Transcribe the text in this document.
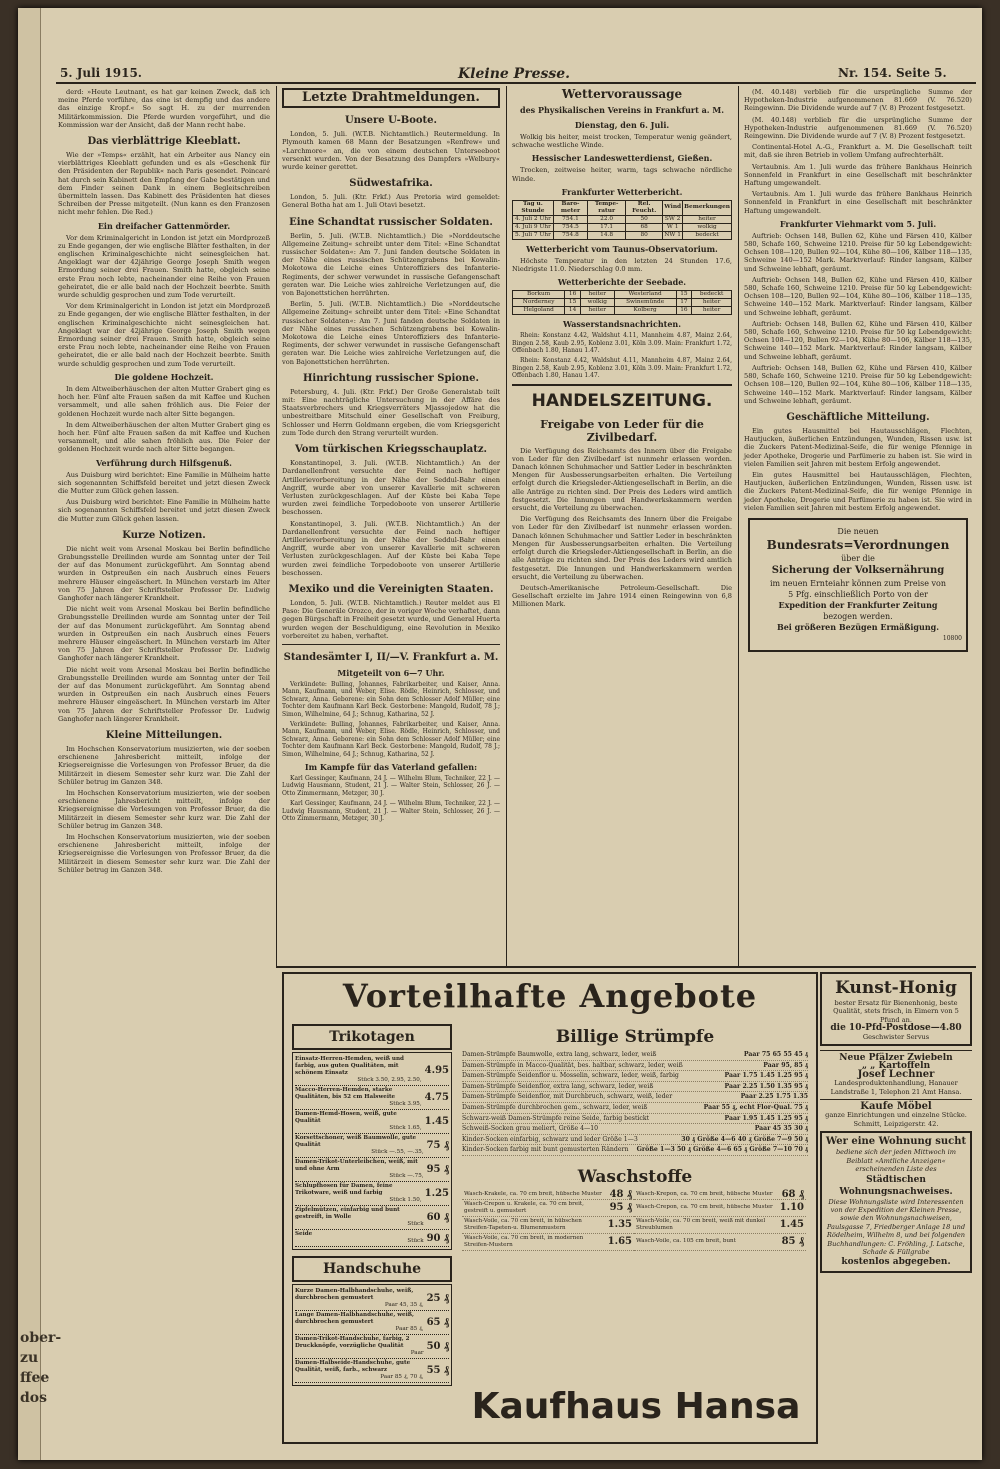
ober-
zu
ffee
dos
5. Juli 1915.	Kleine Presse.	Nr. 154. Seite 5.

derd: »Heute Leutnant, es hat gar keinen Zweck, daß ich meine Pferde vorführe, das eine ist dempfig und das andere das einzige Kropf.« So sagt H. zu der murrenden Militärkommission. Die Pferde wurden vorgeführt, und die Kommission war der Ansicht, daß der Mann recht habe.

Das vierblättrige Kleeblatt.

Wie der »Temps« erzählt, hat ein Arbeiter aus Nancy ein vierblättriges Kleeblatt gefunden und es als »Geschenk für den Präsidenten der Republik« nach Paris gesendet. Poincaré hat durch sein Kabinett den Empfang der Gabe bestätigen und dem Finder seinen Dank in einem Begleitschreiben übermitteln lassen. Das Kabinett des Präsidenten hat dieses Schreiben der Presse mitgeteilt. (Nun kann es den Franzosen nicht mehr fehlen. Die Red.)

Ein dreifacher Gattenmörder.

Vor dem Kriminalgericht in London ist jetzt ein Mordprozeß zu Ende gegangen, der wie englische Blätter festhalten, in der englischen Kriminalgeschichte nicht seinesgleichen hat. Angeklagt war der 42jährige George Joseph Smith wegen Ermordung seiner drei Frauen. Smith hatte, obgleich seine erste Frau noch lebte, nacheinander eine Reihe von Frauen geheiratet, die er alle bald nach der Hochzeit beerbte. Smith wurde schuldig gesprochen und zum Tode verurteilt.

Vor dem Kriminalgericht in London ist jetzt ein Mordprozeß zu Ende gegangen, der wie englische Blätter festhalten, in der englischen Kriminalgeschichte nicht seinesgleichen hat. Angeklagt war der 42jährige George Joseph Smith wegen Ermordung seiner drei Frauen. Smith hatte, obgleich seine erste Frau noch lebte, nacheinander eine Reihe von Frauen geheiratet, die er alle bald nach der Hochzeit beerbte. Smith wurde schuldig gesprochen und zum Tode verurteilt.

Die goldene Hochzeit.

In dem Altweiberhäuschen der alten Mutter Grabert ging es hoch her. Fünf alte Frauen saßen da mit Kaffee und Kuchen versammelt, und alle sahen fröhlich aus. Die Feier der goldenen Hochzeit wurde nach alter Sitte begangen.

In dem Altweiberhäuschen der alten Mutter Grabert ging es hoch her. Fünf alte Frauen saßen da mit Kaffee und Kuchen versammelt, und alle sahen fröhlich aus. Die Feier der goldenen Hochzeit wurde nach alter Sitte begangen.

Verführung durch Hilfsgenuß.

Aus Duisburg wird berichtet: Eine Familie in Mülheim hatte sich sogenannten Schiffsfeld bereitet und jetzt diesen Zweck die Mutter zum Glück gehen lassen.

Aus Duisburg wird berichtet: Eine Familie in Mülheim hatte sich sogenannten Schiffsfeld bereitet und jetzt diesen Zweck die Mutter zum Glück gehen lassen.

Kurze Notizen.

Die nicht weit vom Arsenal Moskau bei Berlin befindliche Grabungsstelle Dreilinden wurde am Sonntag unter der Teil der auf das Monument zurückgeführt. Am Sonntag abend wurden in Ostpreußen ein nach Ausbruch eines Feuers mehrere Häuser eingeäschert. In München verstarb im Alter von 75 Jahren der Schriftsteller Professor Dr. Ludwig Ganghofer nach längerer Krankheit.

Die nicht weit vom Arsenal Moskau bei Berlin befindliche Grabungsstelle Dreilinden wurde am Sonntag unter der Teil der auf das Monument zurückgeführt. Am Sonntag abend wurden in Ostpreußen ein nach Ausbruch eines Feuers mehrere Häuser eingeäschert. In München verstarb im Alter von 75 Jahren der Schriftsteller Professor Dr. Ludwig Ganghofer nach längerer Krankheit.

Die nicht weit vom Arsenal Moskau bei Berlin befindliche Grabungsstelle Dreilinden wurde am Sonntag unter der Teil der auf das Monument zurückgeführt. Am Sonntag abend wurden in Ostpreußen ein nach Ausbruch eines Feuers mehrere Häuser eingeäschert. In München verstarb im Alter von 75 Jahren der Schriftsteller Professor Dr. Ludwig Ganghofer nach längerer Krankheit.

Kleine Mitteilungen.

Im Hochschen Konservatorium musizierten, wie der soeben erschienene Jahresbericht mitteilt, infolge der Kriegsereignisse die Vorlesungen von Professor Bruer, da die Militärzeit in diesem Semester sehr kurz war. Die Zahl der Schüler betrug im Ganzen 348.

Im Hochschen Konservatorium musizierten, wie der soeben erschienene Jahresbericht mitteilt, infolge der Kriegsereignisse die Vorlesungen von Professor Bruer, da die Militärzeit in diesem Semester sehr kurz war. Die Zahl der Schüler betrug im Ganzen 348.

Im Hochschen Konservatorium musizierten, wie der soeben erschienene Jahresbericht mitteilt, infolge der Kriegsereignisse die Vorlesungen von Professor Bruer, da die Militärzeit in diesem Semester sehr kurz war. Die Zahl der Schüler betrug im Ganzen 348.

Letzte Drahtmeldungen.
Unsere U-Boote.

London, 5. Juli. (W.T.B. Nichtamtlich.) Reutermeldung. In Plymouth kamen 68 Mann der Besatzungen »Renfrew« und »Larchmore« an, die von einem deutschen Unterseeboot versenkt wurden. Von der Besatzung des Dampfers »Welbury« wurde keiner gerettet.

Südwestafrika.

London, 5. Juli. (Ktr. Frkf.) Aus Pretoria wird gemeldet: General Botha hat am 1. Juli Otavi besetzt.

Eine Schandtat russischer Soldaten.

Berlin, 5. Juli. (W.T.B. Nichtamtlich.) Die »Norddeutsche Allgemeine Zeitung« schreibt unter dem Titel: »Eine Schandtat russischer Soldaten«: Am 7. Juni fanden deutsche Soldaten in der Nähe eines russischen Schützengrabens bei Kowalin-Mokotowa die Leiche eines Unteroffiziers des Infanterie-Regiments, der schwer verwundet in russische Gefangenschaft geraten war. Die Leiche wies zahlreiche Verletzungen auf, die von Bajonettstichen herrührten.

Berlin, 5. Juli. (W.T.B. Nichtamtlich.) Die »Norddeutsche Allgemeine Zeitung« schreibt unter dem Titel: »Eine Schandtat russischer Soldaten«: Am 7. Juni fanden deutsche Soldaten in der Nähe eines russischen Schützengrabens bei Kowalin-Mokotowa die Leiche eines Unteroffiziers des Infanterie-Regiments, der schwer verwundet in russische Gefangenschaft geraten war. Die Leiche wies zahlreiche Verletzungen auf, die von Bajonettstichen herrührten.

Hinrichtung russischer Spione.

Petersburg, 4. Juli. (Ktr. Frkf.) Der Große Generalstab teilt mit: Eine nachträgliche Untersuchung in der Affäre des Staatsverbrechers und Kriegsverräters Mjassojedow hat die unbestreitbare Mitschuld einer Gesellschaft von Freiburg, Schlosser und Herrn Goldmann ergeben, die vom Kriegsgericht zum Tode durch den Strang verurteilt wurden.

Vom türkischen Kriegsschauplatz.

Konstantinopel, 3. Juli. (W.T.B. Nichtamtlich.) An der Dardanellenfront versuchte der Feind nach heftiger Artillerievorbereitung in der Nähe der Seddul-Bahr einen Angriff, wurde aber von unserer Kavallerie mit schweren Verlusten zurückgeschlagen. Auf der Küste bei Kaba Tepe wurden zwei feindliche Torpedoboote von unserer Artillerie beschossen.

Konstantinopel, 3. Juli. (W.T.B. Nichtamtlich.) An der Dardanellenfront versuchte der Feind nach heftiger Artillerievorbereitung in der Nähe der Seddul-Bahr einen Angriff, wurde aber von unserer Kavallerie mit schweren Verlusten zurückgeschlagen. Auf der Küste bei Kaba Tepe wurden zwei feindliche Torpedoboote von unserer Artillerie beschossen.

Mexiko und die Vereinigten Staaten.

London, 5. Juli. (W.T.B. Nichtamtlich.) Reuter meldet aus El Paso: Die Generäle Orozco, der in voriger Woche verhaftet, dann gegen Bürgschaft in Freiheit gesetzt wurde, und General Huerta wurden wegen der Beschuldigung, eine Revolution in Mexiko vorbereitet zu haben, verhaftet.

Standesämter I, II/—V. Frankfurt a. M.
Mitgeteilt von 6—7 Uhr.

Verkündete: Bulling, Johannes, Fabrikarbeiter, und Kaiser, Anna. Mann, Kaufmann, und Weber, Elise. Rödle, Heinrich, Schlosser, und Schwarz, Anna. Geborene: ein Sohn dem Schlosser Adolf Müller; eine Tochter dem Kaufmann Karl Beck. Gestorbene: Mangold, Rudolf, 78 J.; Simon, Wilhelmine, 64 J.; Schnug, Katharina, 52 J.

Verkündete: Bulling, Johannes, Fabrikarbeiter, und Kaiser, Anna. Mann, Kaufmann, und Weber, Elise. Rödle, Heinrich, Schlosser, und Schwarz, Anna. Geborene: ein Sohn dem Schlosser Adolf Müller; eine Tochter dem Kaufmann Karl Beck. Gestorbene: Mangold, Rudolf, 78 J.; Simon, Wilhelmine, 64 J.; Schnug, Katharina, 52 J.

Im Kampfe für das Vaterland gefallen:

Karl Gessinger, Kaufmann, 24 J. — Wilhelm Blum, Techniker, 22 J. — Ludwig Hausmann, Student, 21 J. — Walter Stein, Schlosser, 26 J. — Otto Zimmermann, Metzger, 30 J.

Karl Gessinger, Kaufmann, 24 J. — Wilhelm Blum, Techniker, 22 J. — Ludwig Hausmann, Student, 21 J. — Walter Stein, Schlosser, 26 J. — Otto Zimmermann, Metzger, 30 J.

Wettervoraussage
des Physikalischen Vereins in Frankfurt a. M.
Dienstag, den 6. Juli.

Wolkig bis heiter, meist trocken, Temperatur wenig geändert, schwache westliche Winde.

Hessischer Landeswetterdienst, Gießen.

Trocken, zeitweise heiter, warm, tags schwache nördliche Winde.

Frankfurter Wetterbericht.
Tag u. Stunde	Baro-meter	Tempe-ratur	Rel. Feucht.	Wind	Bemerkungen
4. Juli 2 Uhr	754.1	22.0	50	SW 2	heiter
4. Juli 9 Uhr	754.5	17.1	68	W 1	wolkig
5. Juli 7 Uhr	754.8	14.8	80	NW 1	bedeckt
Wetterbericht vom Taunus-Observatorium.

Höchste Temperatur in den letzten 24 Stunden 17.6, Niedrigste 11.0. Niederschlag 0.0 mm.

Wetterberichte der Seebade.
Borkum	16	heiter	Westerland	15	bedeckt
Norderney	15	wolkig	Swinemünde	17	heiter
Helgoland	14	heiter	Kolberg	16	heiter
Wasserstandsnachrichten.

Rhein: Konstanz 4.42, Waldshut 4.11, Mannheim 4.87, Mainz 2.64, Bingen 2.58, Kaub 2.95, Koblenz 3.01, Köln 3.09. Main: Frankfurt 1.72, Offenbach 1.80, Hanau 1.47.

Rhein: Konstanz 4.42, Waldshut 4.11, Mannheim 4.87, Mainz 2.64, Bingen 2.58, Kaub 2.95, Koblenz 3.01, Köln 3.09. Main: Frankfurt 1.72, Offenbach 1.80, Hanau 1.47.

HANDELSZEITUNG.
Freigabe von Leder für die Zivilbedarf.

Die Verfügung des Reichsamts des Innern über die Freigabe von Leder für den Zivilbedarf ist nunmehr erlassen worden. Danach können Schuhmacher und Sattler Leder in beschränkten Mengen für Ausbesserungsarbeiten erhalten. Die Verteilung erfolgt durch die Kriegsleder-Aktiengesellschaft in Berlin, an die alle Anträge zu richten sind. Der Preis des Leders wird amtlich festgesetzt. Die Innungen und Handwerkskammern werden ersucht, die Verteilung zu überwachen.

Die Verfügung des Reichsamts des Innern über die Freigabe von Leder für den Zivilbedarf ist nunmehr erlassen worden. Danach können Schuhmacher und Sattler Leder in beschränkten Mengen für Ausbesserungsarbeiten erhalten. Die Verteilung erfolgt durch die Kriegsleder-Aktiengesellschaft in Berlin, an die alle Anträge zu richten sind. Der Preis des Leders wird amtlich festgesetzt. Die Innungen und Handwerkskammern werden ersucht, die Verteilung zu überwachen.

Deutsch-Amerikanische Petroleum-Gesellschaft. Die Gesellschaft erzielte im Jahre 1914 einen Reingewinn von 6,8 Millionen Mark.

(M. 40.148) verblieb für die ursprüngliche Summe der Hypotheken-Industrie aufgenommenen 81.669 (V. 76.520) Reingewinn. Die Dividende wurde auf 7 (V. 8) Prozent festgesetzt.

(M. 40.148) verblieb für die ursprüngliche Summe der Hypotheken-Industrie aufgenommenen 81.669 (V. 76.520) Reingewinn. Die Dividende wurde auf 7 (V. 8) Prozent festgesetzt.

Continental-Hotel A.-G., Frankfurt a. M. Die Gesellschaft teilt mit, daß sie ihren Betrieb in vollem Umfang aufrechterhält.

Vertaubnis. Am 1. Juli wurde das frühere Bankhaus Heinrich Sonnenfeld in Frankfurt in eine Gesellschaft mit beschränkter Haftung umgewandelt.

Vertaubnis. Am 1. Juli wurde das frühere Bankhaus Heinrich Sonnenfeld in Frankfurt in eine Gesellschaft mit beschränkter Haftung umgewandelt.

Frankfurter Viehmarkt vom 5. Juli.

Auftrieb: Ochsen 148, Bullen 62, Kühe und Färsen 410, Kälber 580, Schafe 160, Schweine 1210. Preise für 50 kg Lebendgewicht: Ochsen 108—120, Bullen 92—104, Kühe 80—106, Kälber 118—135, Schweine 140—152 Mark. Marktverlauf: Rinder langsam, Kälber und Schweine lebhaft, geräumt.

Auftrieb: Ochsen 148, Bullen 62, Kühe und Färsen 410, Kälber 580, Schafe 160, Schweine 1210. Preise für 50 kg Lebendgewicht: Ochsen 108—120, Bullen 92—104, Kühe 80—106, Kälber 118—135, Schweine 140—152 Mark. Marktverlauf: Rinder langsam, Kälber und Schweine lebhaft, geräumt.

Auftrieb: Ochsen 148, Bullen 62, Kühe und Färsen 410, Kälber 580, Schafe 160, Schweine 1210. Preise für 50 kg Lebendgewicht: Ochsen 108—120, Bullen 92—104, Kühe 80—106, Kälber 118—135, Schweine 140—152 Mark. Marktverlauf: Rinder langsam, Kälber und Schweine lebhaft, geräumt.

Auftrieb: Ochsen 148, Bullen 62, Kühe und Färsen 410, Kälber 580, Schafe 160, Schweine 1210. Preise für 50 kg Lebendgewicht: Ochsen 108—120, Bullen 92—104, Kühe 80—106, Kälber 118—135, Schweine 140—152 Mark. Marktverlauf: Rinder langsam, Kälber und Schweine lebhaft, geräumt.

Geschäftliche Mitteilung.

Ein gutes Hausmittel bei Hautausschlägen, Flechten, Hautjucken, äußerlichen Entzündungen, Wunden, Rissen usw. ist die Zuckers Patent-Medizinal-Seife, die für wenige Pfennige in jeder Apotheke, Drogerie und Parfümerie zu haben ist. Sie wird in vielen Familien seit Jahren mit bestem Erfolg angewendet.

Ein gutes Hausmittel bei Hautausschlägen, Flechten, Hautjucken, äußerlichen Entzündungen, Wunden, Rissen usw. ist die Zuckers Patent-Medizinal-Seife, die für wenige Pfennige in jeder Apotheke, Drogerie und Parfümerie zu haben ist. Sie wird in vielen Familien seit Jahren mit bestem Erfolg angewendet.

Die neuen
Bundesrats=Verordnungen
über die
Sicherung der Volksernährung
im neuen Ernteiahr können zum Preise von
5 Pfg. einschließlich Porto von der
Expedition der Frankfurter Zeitung
bezogen werden.
Bei größeren Bezügen Ermäßigung.
10800
Vorteilhafte Angebote
Trikotagen
Einsatz-Herren-Hemden, weiß und farbig, aus guten Qualitäten, mit schönem Einsatz
Stück 3.50, 2.95, 2.50,
4.95
Macco-Herren-Hemden, starke Qualitäten, bis 52 cm Halsweite
Stück 3.95,
4.75
Damen-Hemd-Hosen, weiß, gute Qualität
Stück 1.65,
1.45
Korsettschoner, weiß Baumwolle, gute Qualität
Stück —.55, —.35,
75 ₰
Damen-Trikot-Unterleibchen, weiß, mit und ohne Arm
Stück —.75,
95 ₰
Schlupfhosen für Damen, feine Trikotware, weiß und farbig
Stück 1.50,
1.25
Zipfelmützen, einfarbig und bunt gestreift, in Wolle
Stück
60 ₰
Seide
Stück 90 ₰
Handschuhe
Kurze Damen-Halbhandschuhe, weiß, durchbrochen gemustert
Paar 45, 35 ₰,
25 ₰
Lange Damen-Halbhandschuhe, weiß, durchbrochen gemustert
Paar 85 ₰,
65 ₰
Damen-Trikot-Handschuhe, farbig, 2 Druckknöpfe, vorzügliche Qualität
Paar
50 ₰
Damen-Halbseide-Handschuhe, gute Qualität, weiß, farb., schwarz
Paar 85 ₰, 70 ₰,
55 ₰
Billige Strümpfe
Damen-Strümpfe Baumwolle, extra lang, schwarz, leder, weiß	Paar 75 65 55 45 ₰
Damen-Strümpfe in Macco-Qualität, bes. haltbar, schwarz, leder, weiß	Paar 95, 85 ₰
Damen-Strümpfe Seidenflor u. Mosselin, schwarz, leder, weiß, farbig	Paar 1.75 1.45 1.25 95 ₰
Damen-Strümpfe Seidenflor, extra lang, schwarz, leder, weiß	Paar 2.25 1.50 1.35 95 ₰
Damen-Strümpfe Seidenflor, mit Durchbruch, schwarz, weiß, leder	Paar 2.25 1.75 1.35
Damen-Strümpfe durchbrochen gem., schwarz, leder, weiß	Paar 55 ₰, echt Flor-Qual. 75 ₰
Schwarz-weiß Damen-Strümpfe reine Seide, farbig bestickt	Paar 1.95 1.45 1.25 95 ₰
Schweiß-Socken grau meliert, Größe 4—10	Paar 45 35 30 ₰
Kinder-Socken einfarbig, schwarz und leder Größe 1—3	30 ₰ Größe 4—6 40 ₰ Größe 7—9 50 ₰
Kinder-Socken farbig mit bunt gemusterten Rändern Größe 1—3 50 ₰ Größe 4—6 65 ₰ Größe 7—10 70 ₰
Waschstoffe
Wasch-Krakele, ca. 70 cm breit, hübsche Muster 48 ₰ Wasch-Krepon, ca. 70 cm breit, hübsche Muster 68 ₰
Wasch-Crepon u. Krakele, ca. 70 cm breit, gestreift u. gemustert	95 ₰ Wasch-Crepon, ca. 70 cm breit, hübsche Muster 1.10
Wasch-Voile, ca. 70 cm breit, in hübschen Streifen-Tapeten-u. Blumenmustern	1.35 Wasch-Voile, ca. 70 cm breit, weiß mit dunkel Streublumen	1.45
Wasch-Voile, ca. 70 cm breit, in modernen Streifen-Mustern	1.65 Wasch-Voile, ca. 105 cm breit, bunt	85 ₰
Kaufhaus Hansa
Kunst-Honig
bester Ersatz für Bienenhonig, beste Qualität, stets frisch, in Eimern von 5 Pfund an.
die 10-Pfd-Postdose—4.80
Geschwister Servus
Neue Pfälzer Zwiebeln
„ „ Kartoffeln
Josef Lechner
Landesproduktenhandlung, Hanauer Landstraße 1, Telephon 21 Amt Hansa.
Kaufe Möbel
ganze Einrichtungen und einzelne Stücke. Schmitt, Leipzigerstr. 42.
Wer eine Wohnung sucht
bediene sich der jeden Mittwoch im Beiblatt »Amtliche Anzeigen« erscheinenden Liste des
Städtischen Wohnungsnachweises.
Diese Wohnungsliste wird Interessenten von der Expedition der Kleinen Presse, sowie den Wohnungsnachweisen, Paulsgasse 7, Friedberger Anlage 18 und Rödelheim, Wilhelm 8, und bei folgenden Buchhandlungen: C. Fröhling, J. Latsche, Schade & Füllgrabe
kostenlos abgegeben.
